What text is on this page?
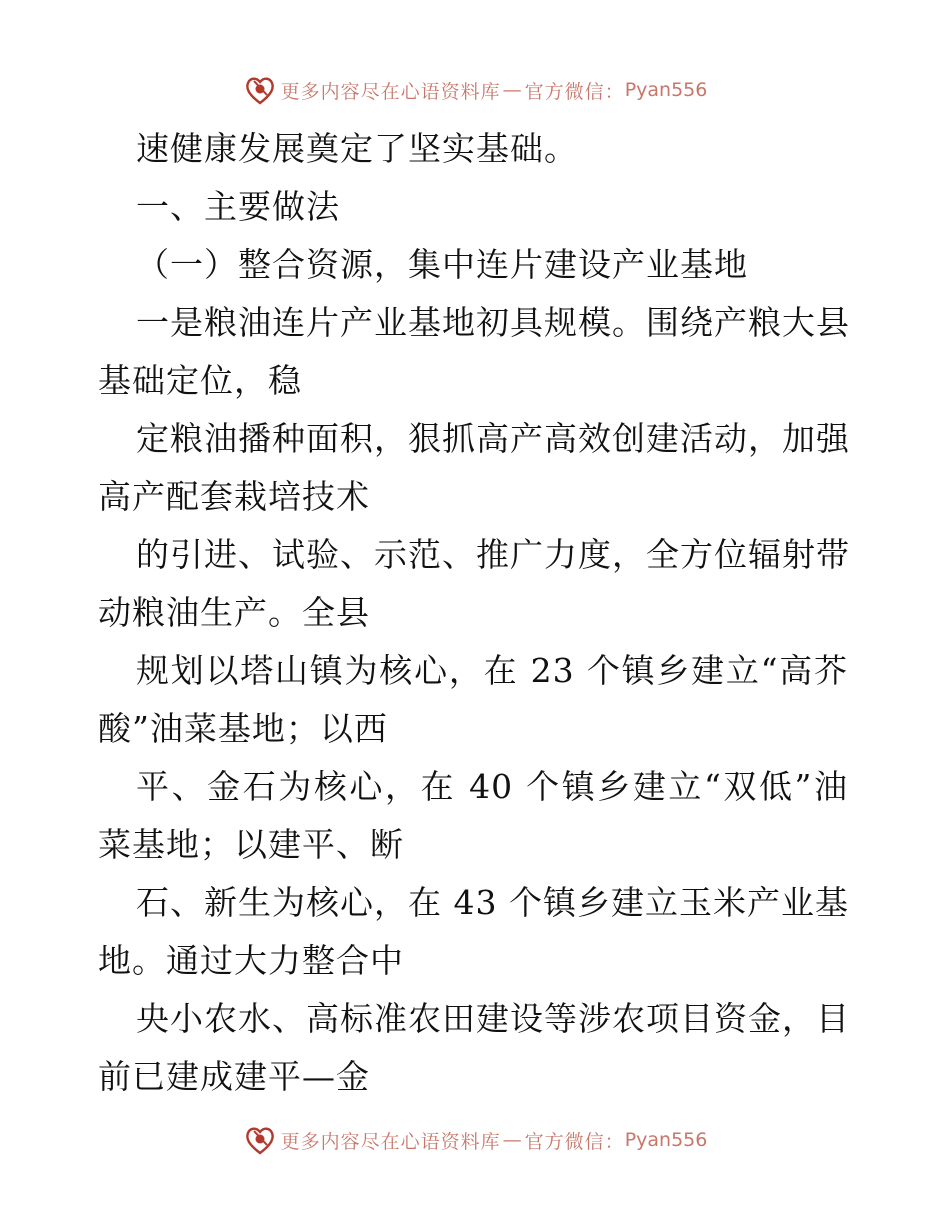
更多内容尽在心语资料库 — 官方微信： Pyan556
速健康发展奠定了坚实基础。
一、主要做法
（一）整合资源，集中连片建设产业基地
一是粮油连片产业基地初具规模。围绕产粮大县
基础定位，稳
定粮油播种面积，狠抓高产高效创建活动，加强
高产配套栽培技术
的引进、试验、示范、推广力度，全方位辐射带
动粮油生产。全县
规划以塔山镇为核心，在 23 个镇乡建立“高芥
酸”油菜基地；以西
平、金石为核心，在 40 个镇乡建立“双低”油
菜基地；以建平、断
石、新生为核心，在 43 个镇乡建立玉米产业基
地。通过大力整合中
央小农水、高标准农田建设等涉农项目资金，目
前已建成建平—金
更多内容尽在心语资料库 — 官方微信： Pyan556
